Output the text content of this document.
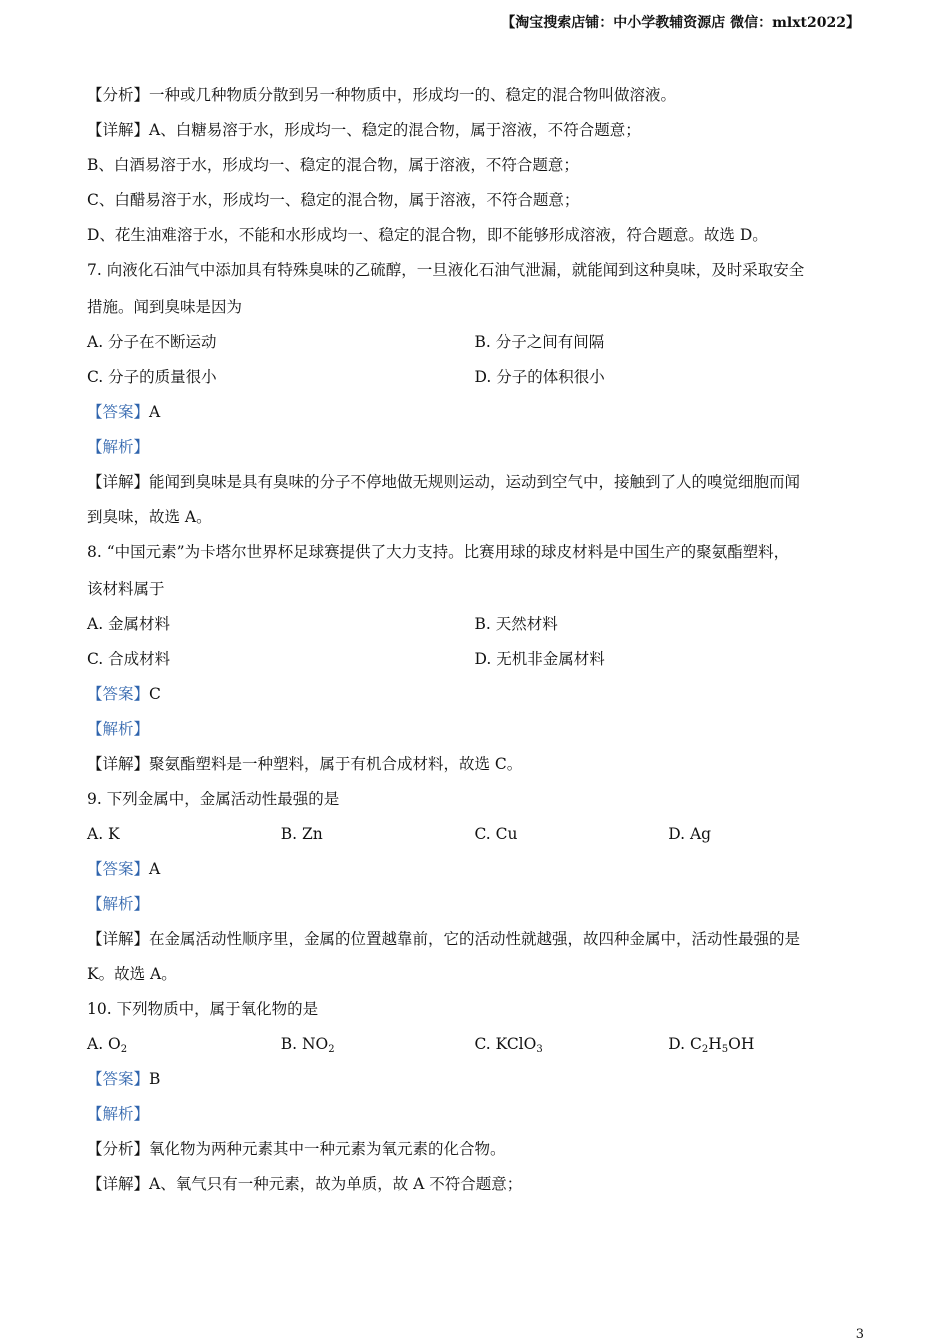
【淘宝搜索店铺：中小学教辅资源店 微信：mlxt2022】
【分析】一种或几种物质分散到另一种物质中，形成均一的、稳定的混合物叫做溶液。
【详解】A、白糖易溶于水，形成均一、稳定的混合物，属于溶液，不符合题意；
B、白酒易溶于水，形成均一、稳定的混合物，属于溶液，不符合题意；
C、白醋易溶于水，形成均一、稳定的混合物，属于溶液，不符合题意；
D、花生油难溶于水，不能和水形成均一、稳定的混合物，即不能够形成溶液，符合题意。故选 D。
7. 向液化石油气中添加具有特殊臭味的乙硫醇，一旦液化石油气泄漏，就能闻到这种臭味，及时采取安全
措施。闻到臭味是因为
A. 分子在不断运动	B. 分子之间有间隔
C. 分子的质量很小	D. 分子的体积很小
【答案】A
【解析】
【详解】能闻到臭味是具有臭味的分子不停地做无规则运动，运动到空气中，接触到了人的嗅觉细胞而闻
到臭味，故选 A。
8. “中国元素”为卡塔尔世界杯足球赛提供了大力支持。比赛用球的球皮材料是中国生产的聚氨酯塑料，
该材料属于
A. 金属材料	B. 天然材料
C. 合成材料	D. 无机非金属材料
【答案】C
【解析】
【详解】聚氨酯塑料是一种塑料，属于有机合成材料，故选 C。
9. 下列金属中，金属活动性最强的是
A. K	B. Zn	C. Cu	D. Ag
【答案】A
【解析】
【详解】在金属活动性顺序里，金属的位置越靠前，它的活动性就越强，故四种金属中，活动性最强的是
K。故选 A。
10. 下列物质中，属于氧化物的是
A. $O_2$	B. $NO_2$	C. KClO$_3$	D. $C_2H_5OH$
【答案】B
【解析】
【分析】氧化物为两种元素其中一种元素为氧元素的化合物。
【详解】A、氧气只有一种元素，故为单质，故 A 不符合题意；
3
